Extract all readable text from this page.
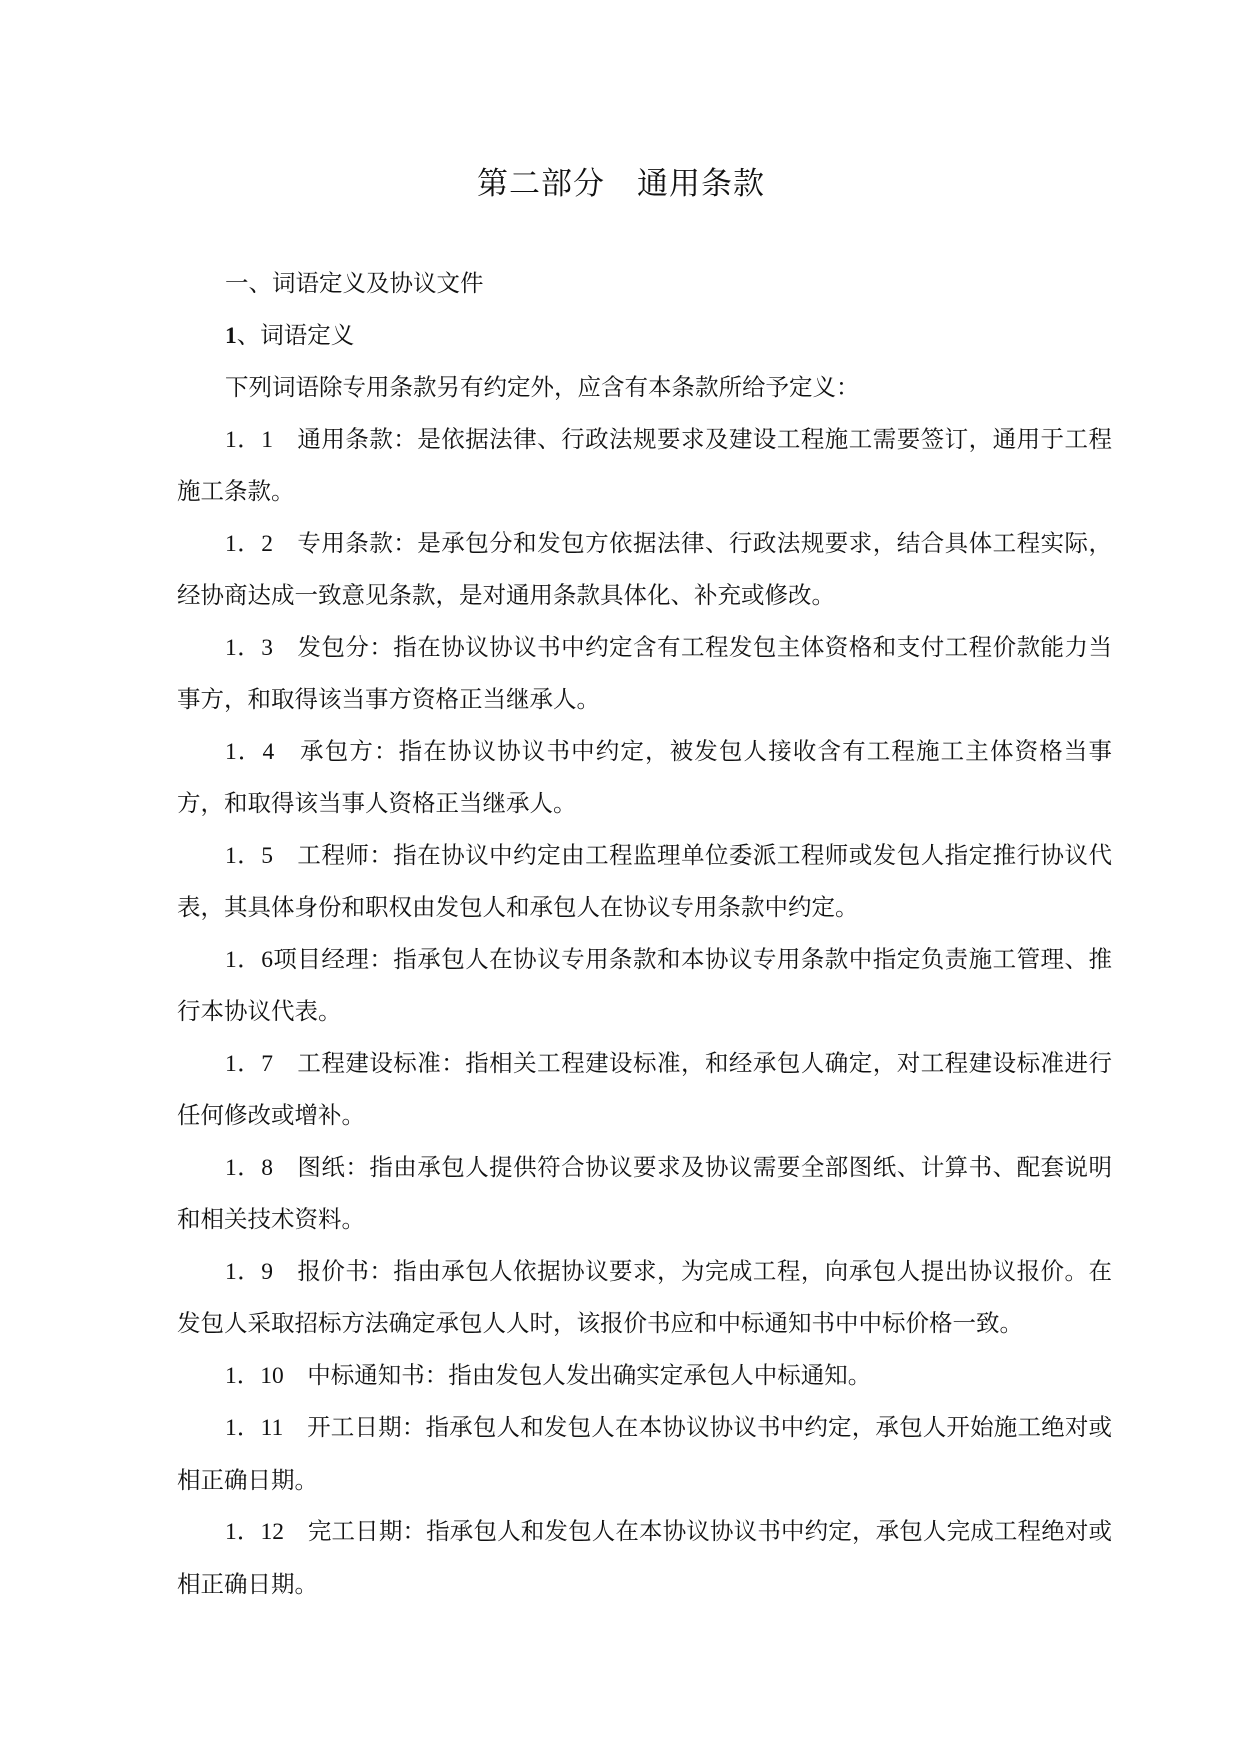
第二部分　通用条款

一、词语定义及协议文件

1、词语定义

下列词语除专用条款另有约定外，应含有本条款所给予定义：

1．1　通用条款：是依据法律、行政法规要求及建设工程施工需要签订，通用于工程施工条款。

1．2　专用条款：是承包分和发包方依据法律、行政法规要求，结合具体工程实际，经协商达成一致意见条款，是对通用条款具体化、补充或修改。

1．3　发包分：指在协议协议书中约定含有工程发包主体资格和支付工程价款能力当事方，和取得该当事方资格正当继承人。

1．4　承包方：指在协议协议书中约定，被发包人接收含有工程施工主体资格当事方，和取得该当事人资格正当继承人。

1．5　工程师：指在协议中约定由工程监理单位委派工程师或发包人指定推行协议代表，其具体身份和职权由发包人和承包人在协议专用条款中约定。

1．6项目经理：指承包人在协议专用条款和本协议专用条款中指定负责施工管理、推行本协议代表。

1．7　工程建设标准：指相关工程建设标准，和经承包人确定，对工程建设标准进行任何修改或增补。

1．8　图纸：指由承包人提供符合协议要求及协议需要全部图纸、计算书、配套说明和相关技术资料。

1．9　报价书：指由承包人依据协议要求，为完成工程，向承包人提出协议报价。在发包人采取招标方法确定承包人人时，该报价书应和中标通知书中中标价格一致。

1．10　中标通知书：指由发包人发出确实定承包人中标通知。

1．11　开工日期：指承包人和发包人在本协议协议书中约定，承包人开始施工绝对或相正确日期。

1．12　完工日期：指承包人和发包人在本协议协议书中约定，承包人完成工程绝对或相正确日期。
